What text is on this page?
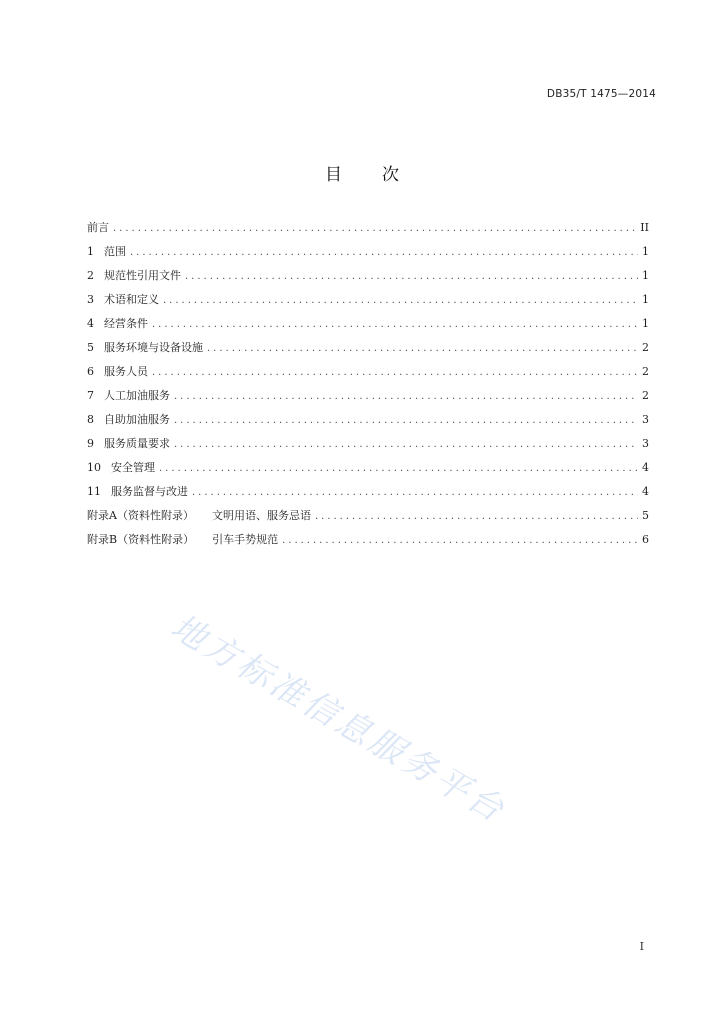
DB35/T 1475—2014
目 次
前言 .....	II
1 范围 .....	1
2 规范性引用文件 .....	1
3 术语和定义 .....	1
4 经营条件 .....	1
5 服务环境与设备设施 .....	2
6 服务人员 .....	2
7 人工加油服务 .....	2
8 自助加油服务 .....	3
9 服务质量要求 .....	3
10 安全管理 .....	4
11 服务监督与改进 .....	4
附录A（资料性附录） 文明用语、服务忌语 .....	5
附录B（资料性附录） 引车手势规范 .....	6
地方标准信息服务平台
I
